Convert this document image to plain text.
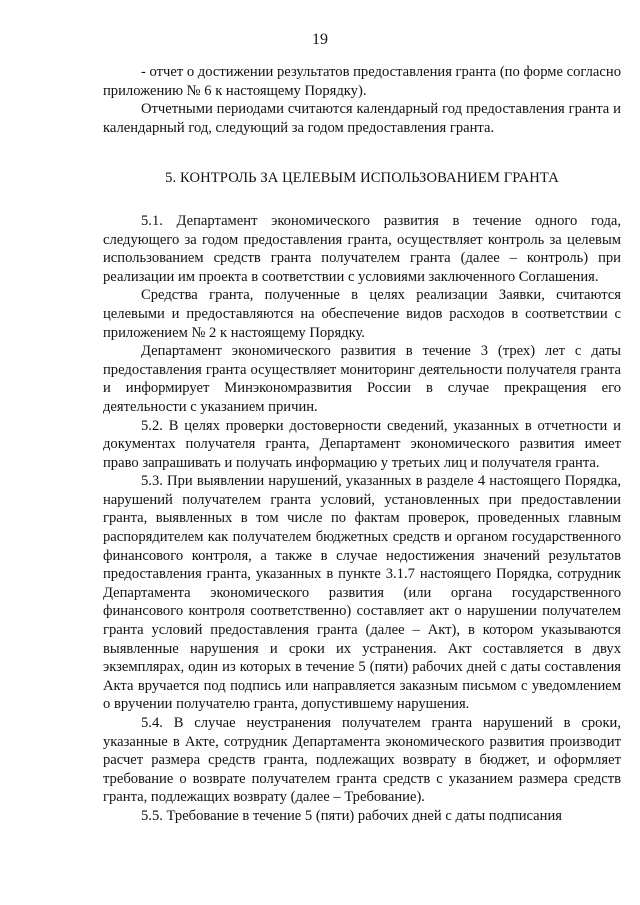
19

- отчет о достижении результатов предоставления гранта (по форме согласно приложению № 6 к настоящему Порядку).

Отчетными периодами считаются календарный год предоставления гранта и календарный год, следующий за годом предоставления гранта.

5. КОНТРОЛЬ ЗА ЦЕЛЕВЫМ ИСПОЛЬЗОВАНИЕМ ГРАНТА

5.1. Департамент экономического развития в течение одного года, следующего за годом предоставления гранта, осуществляет контроль за целевым использованием средств гранта получателем гранта (далее – контроль) при реализации им проекта в соответствии с условиями заключенного Соглашения.

Средства гранта, полученные в целях реализации Заявки, считаются целевыми и предоставляются на обеспечение видов расходов в соответствии с приложением № 2 к настоящему Порядку.

Департамент экономического развития в течение 3 (трех) лет с даты предоставления гранта осуществляет мониторинг деятельности получателя гранта и информирует Минэкономразвития России в случае прекращения его деятельности с указанием причин.

5.2. В целях проверки достоверности сведений, указанных в отчетности и документах получателя гранта, Департамент экономического развития имеет право запрашивать и получать информацию у третьих лиц и получателя гранта.

5.3. При выявлении нарушений, указанных в разделе 4 настоящего Порядка, нарушений получателем гранта условий, установленных при предоставлении гранта, выявленных в том числе по фактам проверок, проведенных главным распорядителем как получателем бюджетных средств и органом государственного финансового контроля, а также в случае недостижения значений результатов предоставления гранта, указанных в пункте 3.1.7 настоящего Порядка, сотрудник Департамента экономического развития (или органа государственного финансового контроля соответственно) составляет акт о нарушении получателем гранта условий предоставления гранта (далее – Акт), в котором указываются выявленные нарушения и сроки их устранения. Акт составляется в двух экземплярах, один из которых в течение 5 (пяти) рабочих дней с даты составления Акта вручается под подпись или направляется заказным письмом с уведомлением о вручении получателю гранта, допустившему нарушения.

5.4. В случае неустранения получателем гранта нарушений в сроки, указанные в Акте, сотрудник Департамента экономического развития производит расчет размера средств гранта, подлежащих возврату в бюджет, и оформляет требование о возврате получателем гранта средств с указанием размера средств гранта, подлежащих возврату (далее – Требование).

5.5. Требование в течение 5 (пяти) рабочих дней с даты подписания
